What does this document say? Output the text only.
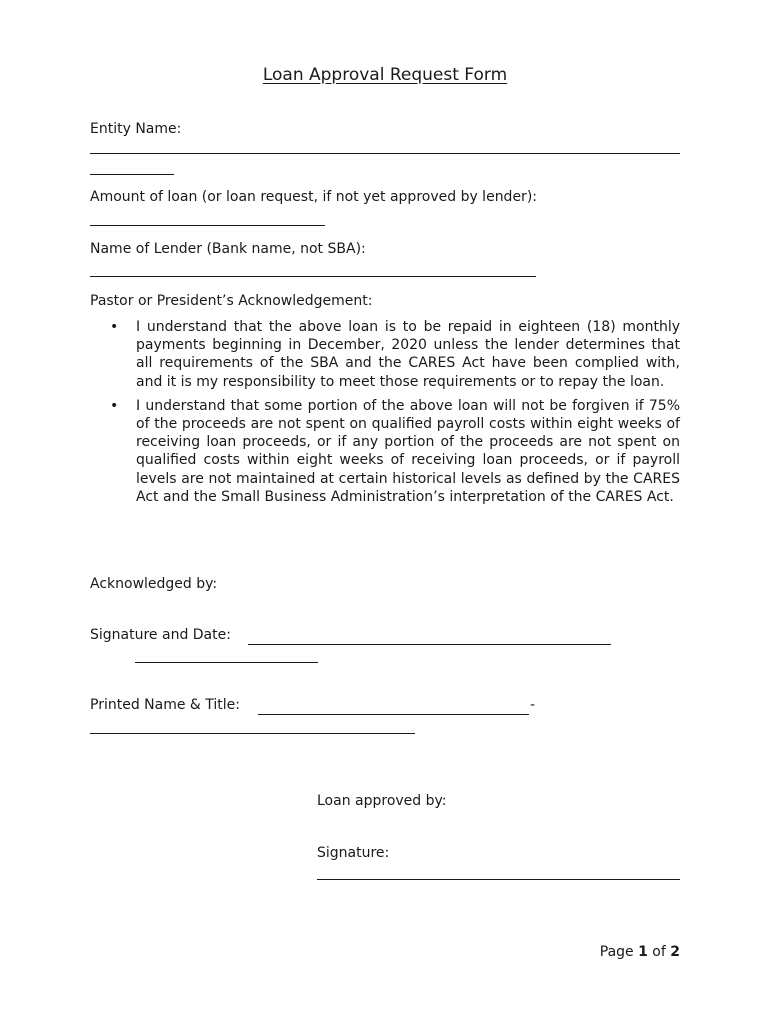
Loan Approval Request Form
Entity Name:
Amount of loan (or loan request, if not yet approved by lender):
Name of Lender (Bank name, not SBA):
Pastor or President’s Acknowledgement:
• I understand that the above loan is to be repaid in eighteen (18) monthly payments beginning in December, 2020 unless the lender determines that all requirements of the SBA and the CARES Act have been complied with, and it is my responsibility to meet those requirements or to repay the loan.
• I understand that some portion of the above loan will not be forgiven if 75% of the proceeds are not spent on qualified payroll costs within eight weeks of receiving loan proceeds, or if any portion of the proceeds are not spent on qualified costs within eight weeks of receiving loan proceeds, or if payroll levels are not maintained at certain historical levels as defined by the CARES Act and the Small Business Administration’s interpretation of the CARES Act.
Acknowledged by:
Signature and Date:
Printed Name & Title:	-
Loan approved by:
Signature:
Page 1 of 2
